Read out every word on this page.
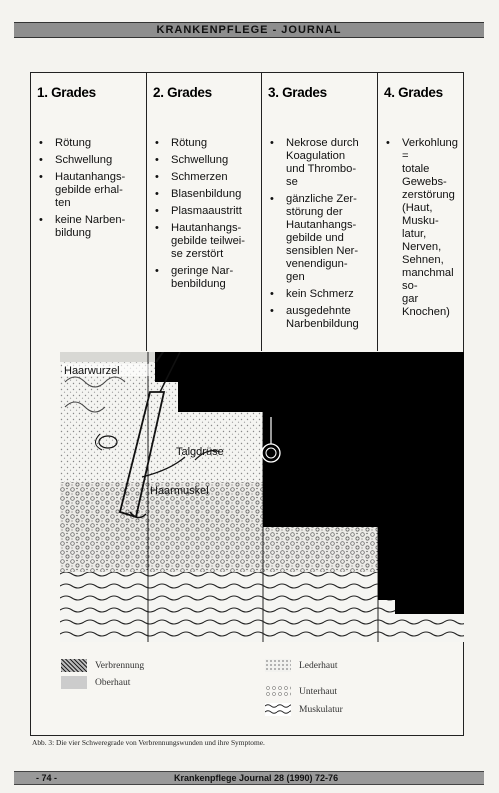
KRANKENPFLEGE - JOURNAL
1. Grades
• Rötung
• Schwellung
• Hautanhangs-
gebilde erhal-
ten
• keine Narben-
bildung
2. Grades
• Rötung
• Schwellung
• Schmerzen
• Blasenbildung
• Plasmaaustritt
• Hautanhangs-
gebilde teilwei-
se zerstört
• geringe Nar-
benbildung
3. Grades
• Nekrose durch
Koagulation
und Thrombo-
se
• gänzliche Zer-
störung der
Hautanhangs-
gebilde und
sensiblen Ner-
venendigun-
gen
• kein Schmerz
• ausgedehnte
Narbenbildung
4. Grades
• Verkohlung =
totale Gewebs-
zerstörung
(Haut, Musku-
latur, Nerven,
Sehnen,
manchmal so-
gar Knochen)
Haarwurzel
Talgdrüse
Haarmuskel
Verbrennung
Oberhaut
Lederhaut
Unterhaut
Muskulatur
Abb. 3: Die vier Schweregrade von Verbrennungswunden und ihre Symptome.
- 74 -	Krankenpflege Journal 28 (1990) 72-76
